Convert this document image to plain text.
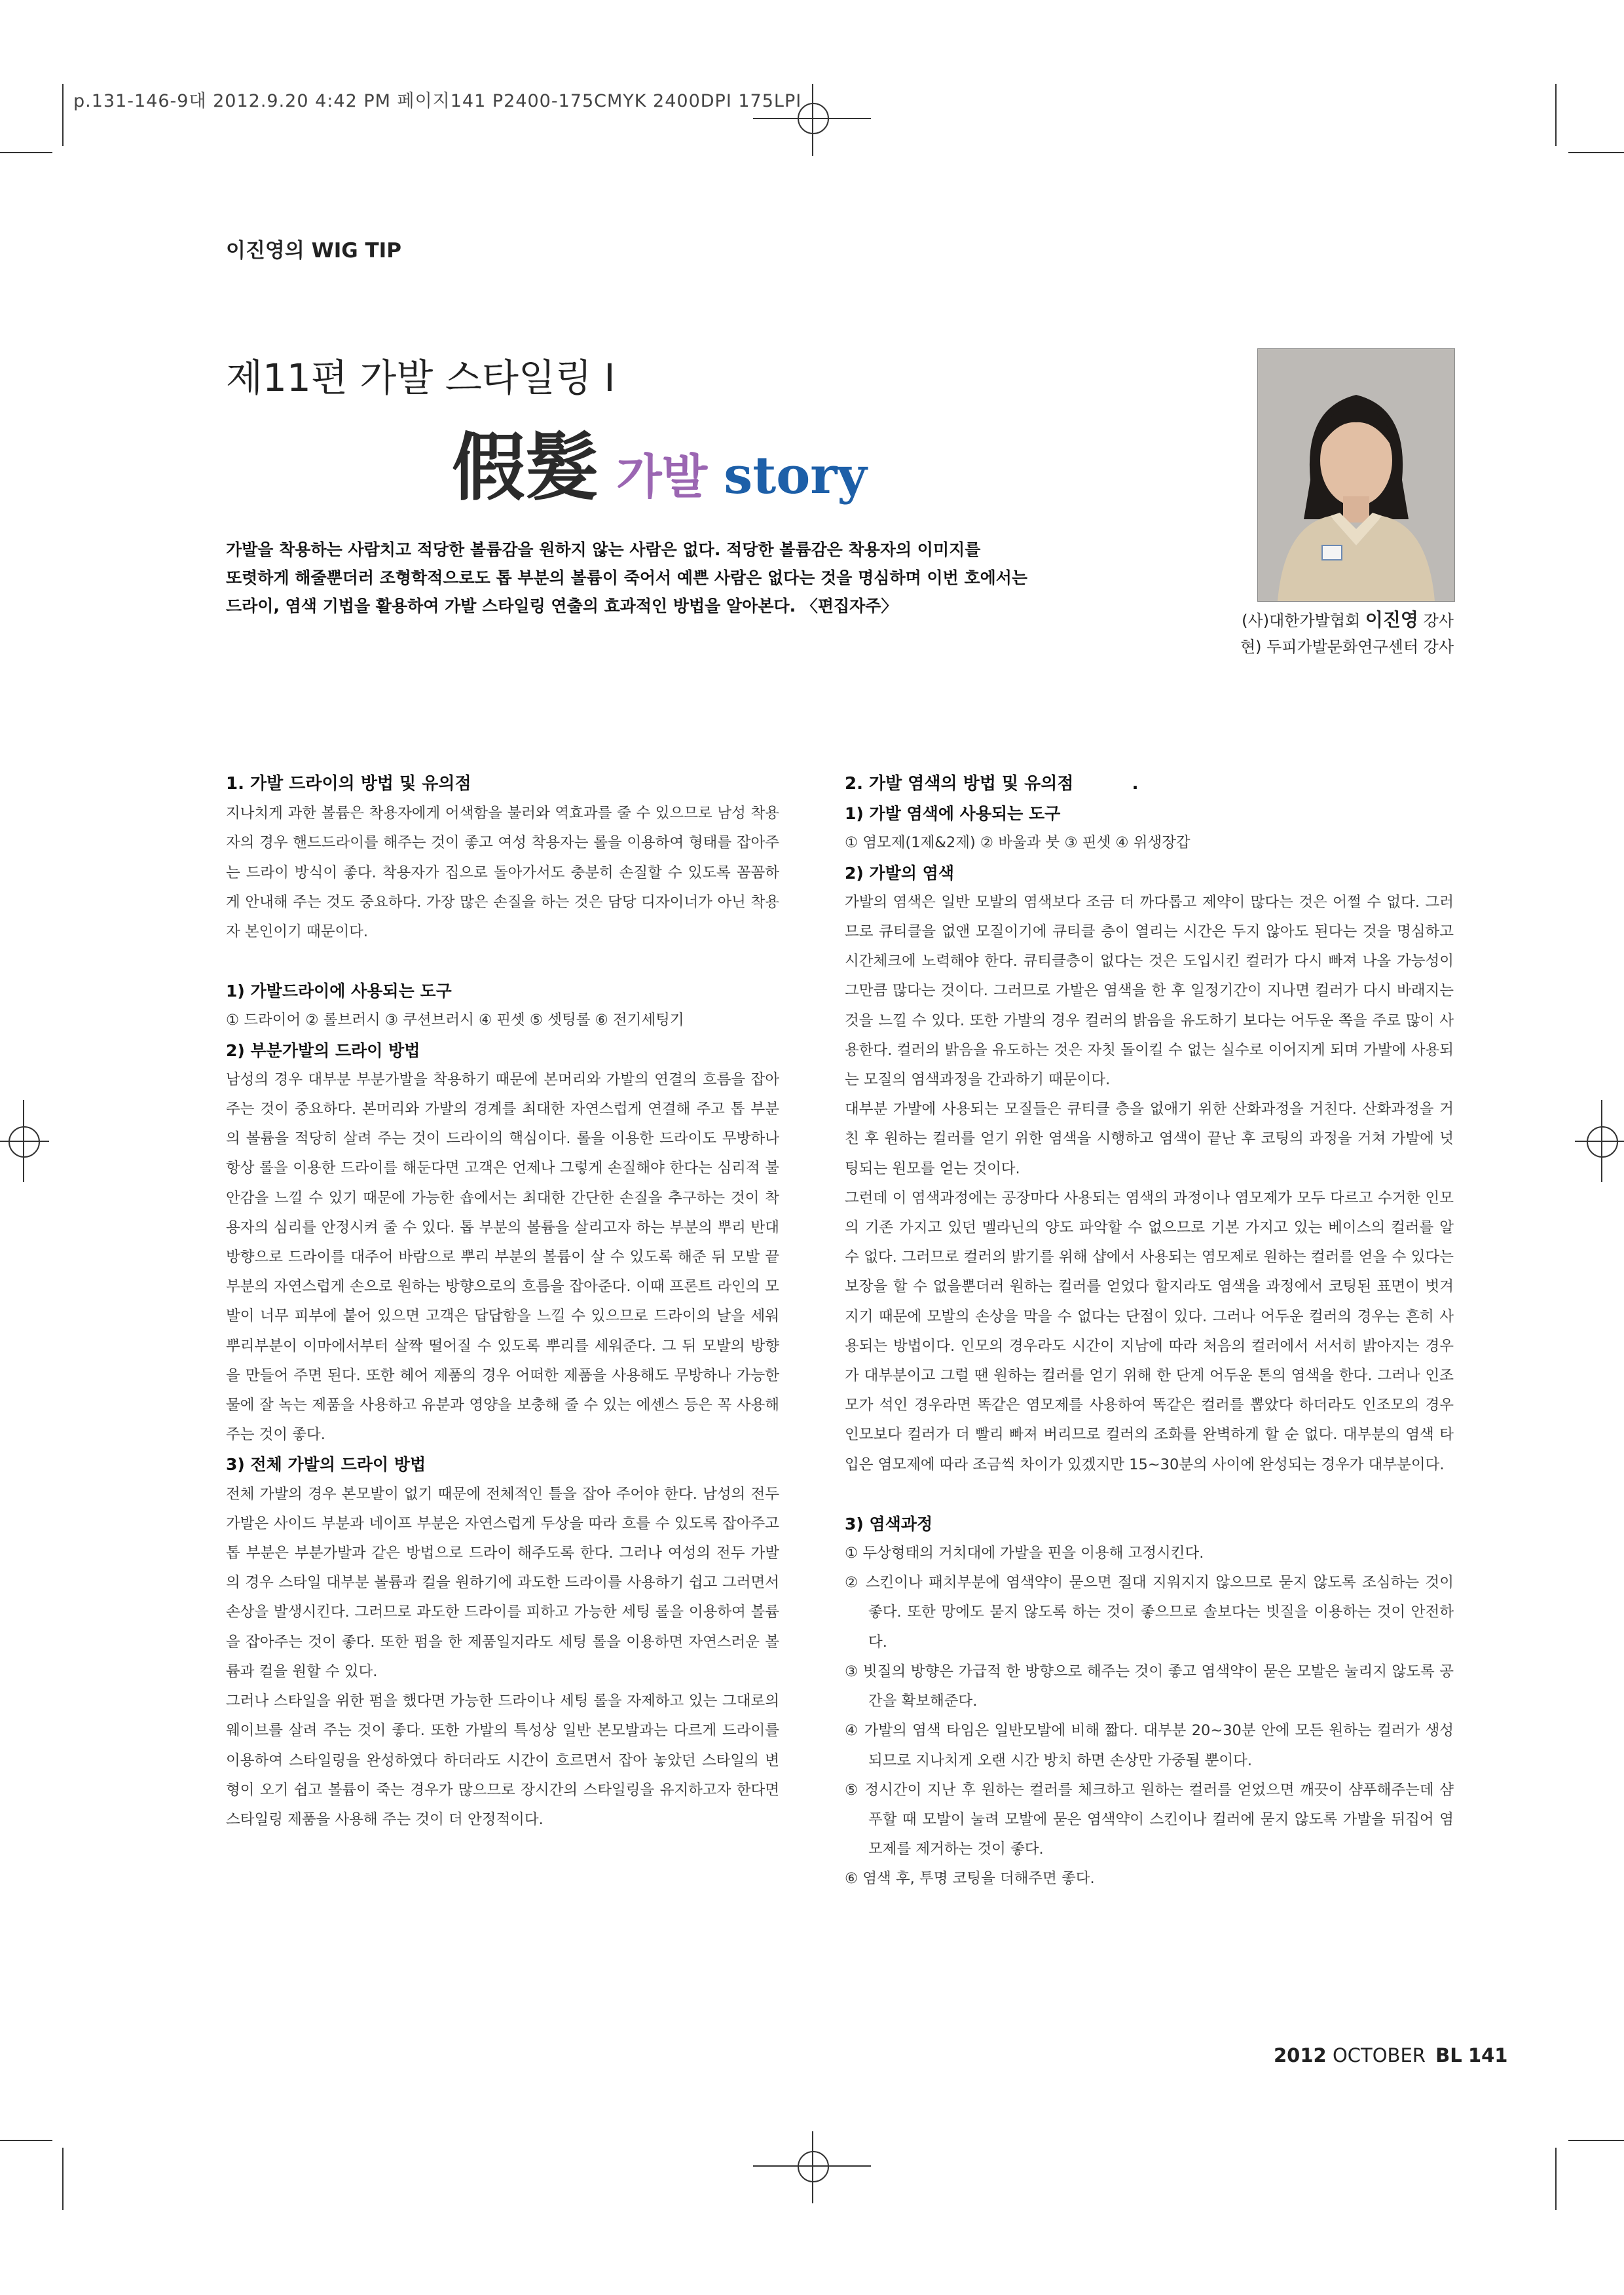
p.131-146-9대 2012.9.20 4:42 PM 페이지141 P2400-175CMYK 2400DPI 175LPI
이진영의 WIG TIP
제11편 가발 스타일링 I
假髮 가발 story
가발을 착용하는 사람치고 적당한 볼륨감을 원하지 않는 사람은 없다. 적당한 볼륨감은 착용자의 이미지를
또렷하게 해줄뿐더러 조형학적으로도 톱 부분의 볼륨이 죽어서 예쁜 사람은 없다는 것을 명심하며 이번 호에서는
드라이, 염색 기법을 활용하여 가발 스타일링 연출의 효과적인 방법을 알아본다. 〈편집자주〉
(사)대한가발협회 이진영 강사
현) 두피가발문화연구센터 강사

1. 가발 드라이의 방법 및 유의점

지나치게 과한 볼륨은 착용자에게 어색함을 불러와 역효과를 줄 수 있으므로 남성 착용자의 경우 핸드드라이를 해주는 것이 좋고 여성 착용자는 롤을 이용하여 형태를 잡아주는 드라이 방식이 좋다. 착용자가 집으로 돌아가서도 충분히 손질할 수 있도록 꼼꼼하게 안내해 주는 것도 중요하다. 가장 많은 손질을 하는 것은 담당 디자이너가 아닌 착용자 본인이기 때문이다.

1) 가발드라이에 사용되는 도구

① 드라이어 ② 롤브러시 ③ 쿠션브러시 ④ 핀셋 ⑤ 셋팅롤 ⑥ 전기세팅기

2) 부분가발의 드라이 방법

남성의 경우 대부분 부분가발을 착용하기 때문에 본머리와 가발의 연결의 흐름을 잡아주는 것이 중요하다. 본머리와 가발의 경계를 최대한 자연스럽게 연결해 주고 톱 부분의 볼륨을 적당히 살려 주는 것이 드라이의 핵심이다. 롤을 이용한 드라이도 무방하나 항상 롤을 이용한 드라이를 해둔다면 고객은 언제나 그렇게 손질해야 한다는 심리적 불안감을 느낄 수 있기 때문에 가능한 숍에서는 최대한 간단한 손질을 추구하는 것이 착용자의 심리를 안정시켜 줄 수 있다. 톱 부분의 볼륨을 살리고자 하는 부분의 뿌리 반대 방향으로 드라이를 대주어 바람으로 뿌리 부분의 볼륨이 살 수 있도록 해준 뒤 모발 끝부분의 자연스럽게 손으로 원하는 방향으로의 흐름을 잡아준다. 이때 프론트 라인의 모발이 너무 피부에 붙어 있으면 고객은 답답함을 느낄 수 있으므로 드라이의 날을 세워 뿌리부분이 이마에서부터 살짝 떨어질 수 있도록 뿌리를 세워준다. 그 뒤 모발의 방향을 만들어 주면 된다. 또한 헤어 제품의 경우 어떠한 제품을 사용해도 무방하나 가능한 물에 잘 녹는 제품을 사용하고 유분과 영양을 보충해 줄 수 있는 에센스 등은 꼭 사용해 주는 것이 좋다.

3) 전체 가발의 드라이 방법

전체 가발의 경우 본모발이 없기 때문에 전체적인 틀을 잡아 주어야 한다. 남성의 전두 가발은 사이드 부분과 네이프 부분은 자연스럽게 두상을 따라 흐를 수 있도록 잡아주고 톱 부분은 부분가발과 같은 방법으로 드라이 해주도록 한다. 그러나 여성의 전두 가발의 경우 스타일 대부분 볼륨과 컬을 원하기에 과도한 드라이를 사용하기 쉽고 그러면서 손상을 발생시킨다. 그러므로 과도한 드라이를 피하고 가능한 세팅 롤을 이용하여 볼륨을 잡아주는 것이 좋다. 또한 펌을 한 제품일지라도 세팅 롤을 이용하면 자연스러운 볼륨과 컬을 원할 수 있다.

그러나 스타일을 위한 펌을 했다면 가능한 드라이나 세팅 롤을 자제하고 있는 그대로의 웨이브를 살려 주는 것이 좋다. 또한 가발의 특성상 일반 본모발과는 다르게 드라이를 이용하여 스타일링을 완성하였다 하더라도 시간이 흐르면서 잡아 놓았던 스타일의 변형이 오기 쉽고 볼륨이 죽는 경우가 많으므로 장시간의 스타일링을 유지하고자 한다면 스타일링 제품을 사용해 주는 것이 더 안정적이다.

2. 가발 염색의 방법 및 유의점	.

1) 가발 염색에 사용되는 도구

① 염모제(1제&2제) ② 바울과 붓 ③ 핀셋 ④ 위생장갑

2) 가발의 염색

가발의 염색은 일반 모발의 염색보다 조금 더 까다롭고 제약이 많다는 것은 어쩔 수 없다. 그러므로 큐티클을 없앤 모질이기에 큐티클 층이 열리는 시간은 두지 않아도 된다는 것을 명심하고 시간체크에 노력해야 한다. 큐티클층이 없다는 것은 도입시킨 컬러가 다시 빠져 나올 가능성이 그만큼 많다는 것이다. 그러므로 가발은 염색을 한 후 일정기간이 지나면 컬러가 다시 바래지는 것을 느낄 수 있다. 또한 가발의 경우 컬러의 밝음을 유도하기 보다는 어두운 쪽을 주로 많이 사용한다. 컬러의 밝음을 유도하는 것은 자칫 돌이킬 수 없는 실수로 이어지게 되며 가발에 사용되는 모질의 염색과정을 간과하기 때문이다.

대부분 가발에 사용되는 모질들은 큐티클 층을 없애기 위한 산화과정을 거친다. 산화과정을 거친 후 원하는 컬러를 얻기 위한 염색을 시행하고 염색이 끝난 후 코팅의 과정을 거쳐 가발에 넛팅되는 원모를 얻는 것이다.

그런데 이 염색과정에는 공장마다 사용되는 염색의 과정이나 염모제가 모두 다르고 수거한 인모의 기존 가지고 있던 멜라닌의 양도 파악할 수 없으므로 기본 가지고 있는 베이스의 컬러를 알 수 없다. 그러므로 컬러의 밝기를 위해 샵에서 사용되는 염모제로 원하는 컬러를 얻을 수 있다는 보장을 할 수 없을뿐더러 원하는 컬러를 얻었다 할지라도 염색을 과정에서 코팅된 표면이 벗겨지기 때문에 모발의 손상을 막을 수 없다는 단점이 있다. 그러나 어두운 컬러의 경우는 흔히 사용되는 방법이다. 인모의 경우라도 시간이 지남에 따라 처음의 컬러에서 서서히 밝아지는 경우가 대부분이고 그럴 땐 원하는 컬러를 얻기 위해 한 단계 어두운 톤의 염색을 한다. 그러나 인조모가 석인 경우라면 똑같은 염모제를 사용하여 똑같은 컬러를 뽑았다 하더라도 인조모의 경우 인모보다 컬러가 더 빨리 빠져 버리므로 컬러의 조화를 완벽하게 할 순 없다. 대부분의 염색 타입은 염모제에 따라 조금씩 차이가 있겠지만 15~30분의 사이에 완성되는 경우가 대부분이다.

3) 염색과정

① 두상형태의 거치대에 가발을 핀을 이용해 고정시킨다.

② 스킨이나 패치부분에 염색약이 묻으면 절대 지워지지 않으므로 묻지 않도록 조심하는 것이 좋다. 또한 망에도 묻지 않도록 하는 것이 좋으므로 솔보다는 빗질을 이용하는 것이 안전하다.

③ 빗질의 방향은 가급적 한 방향으로 해주는 것이 좋고 염색약이 묻은 모발은 눌리지 않도록 공간을 확보해준다.

④ 가발의 염색 타임은 일반모발에 비해 짧다. 대부분 20~30분 안에 모든 원하는 컬러가 생성되므로 지나치게 오랜 시간 방치 하면 손상만 가중될 뿐이다.

⑤ 정시간이 지난 후 원하는 컬러를 체크하고 원하는 컬러를 얻었으면 깨끗이 샴푸해주는데 샴푸할 때 모발이 눌려 모발에 묻은 염색약이 스킨이나 컬러에 묻지 않도록 가발을 뒤집어 염모제를 제거하는 것이 좋다.

⑥ 염색 후, 투명 코팅을 더해주면 좋다.

2012 OCTOBER BL 141
